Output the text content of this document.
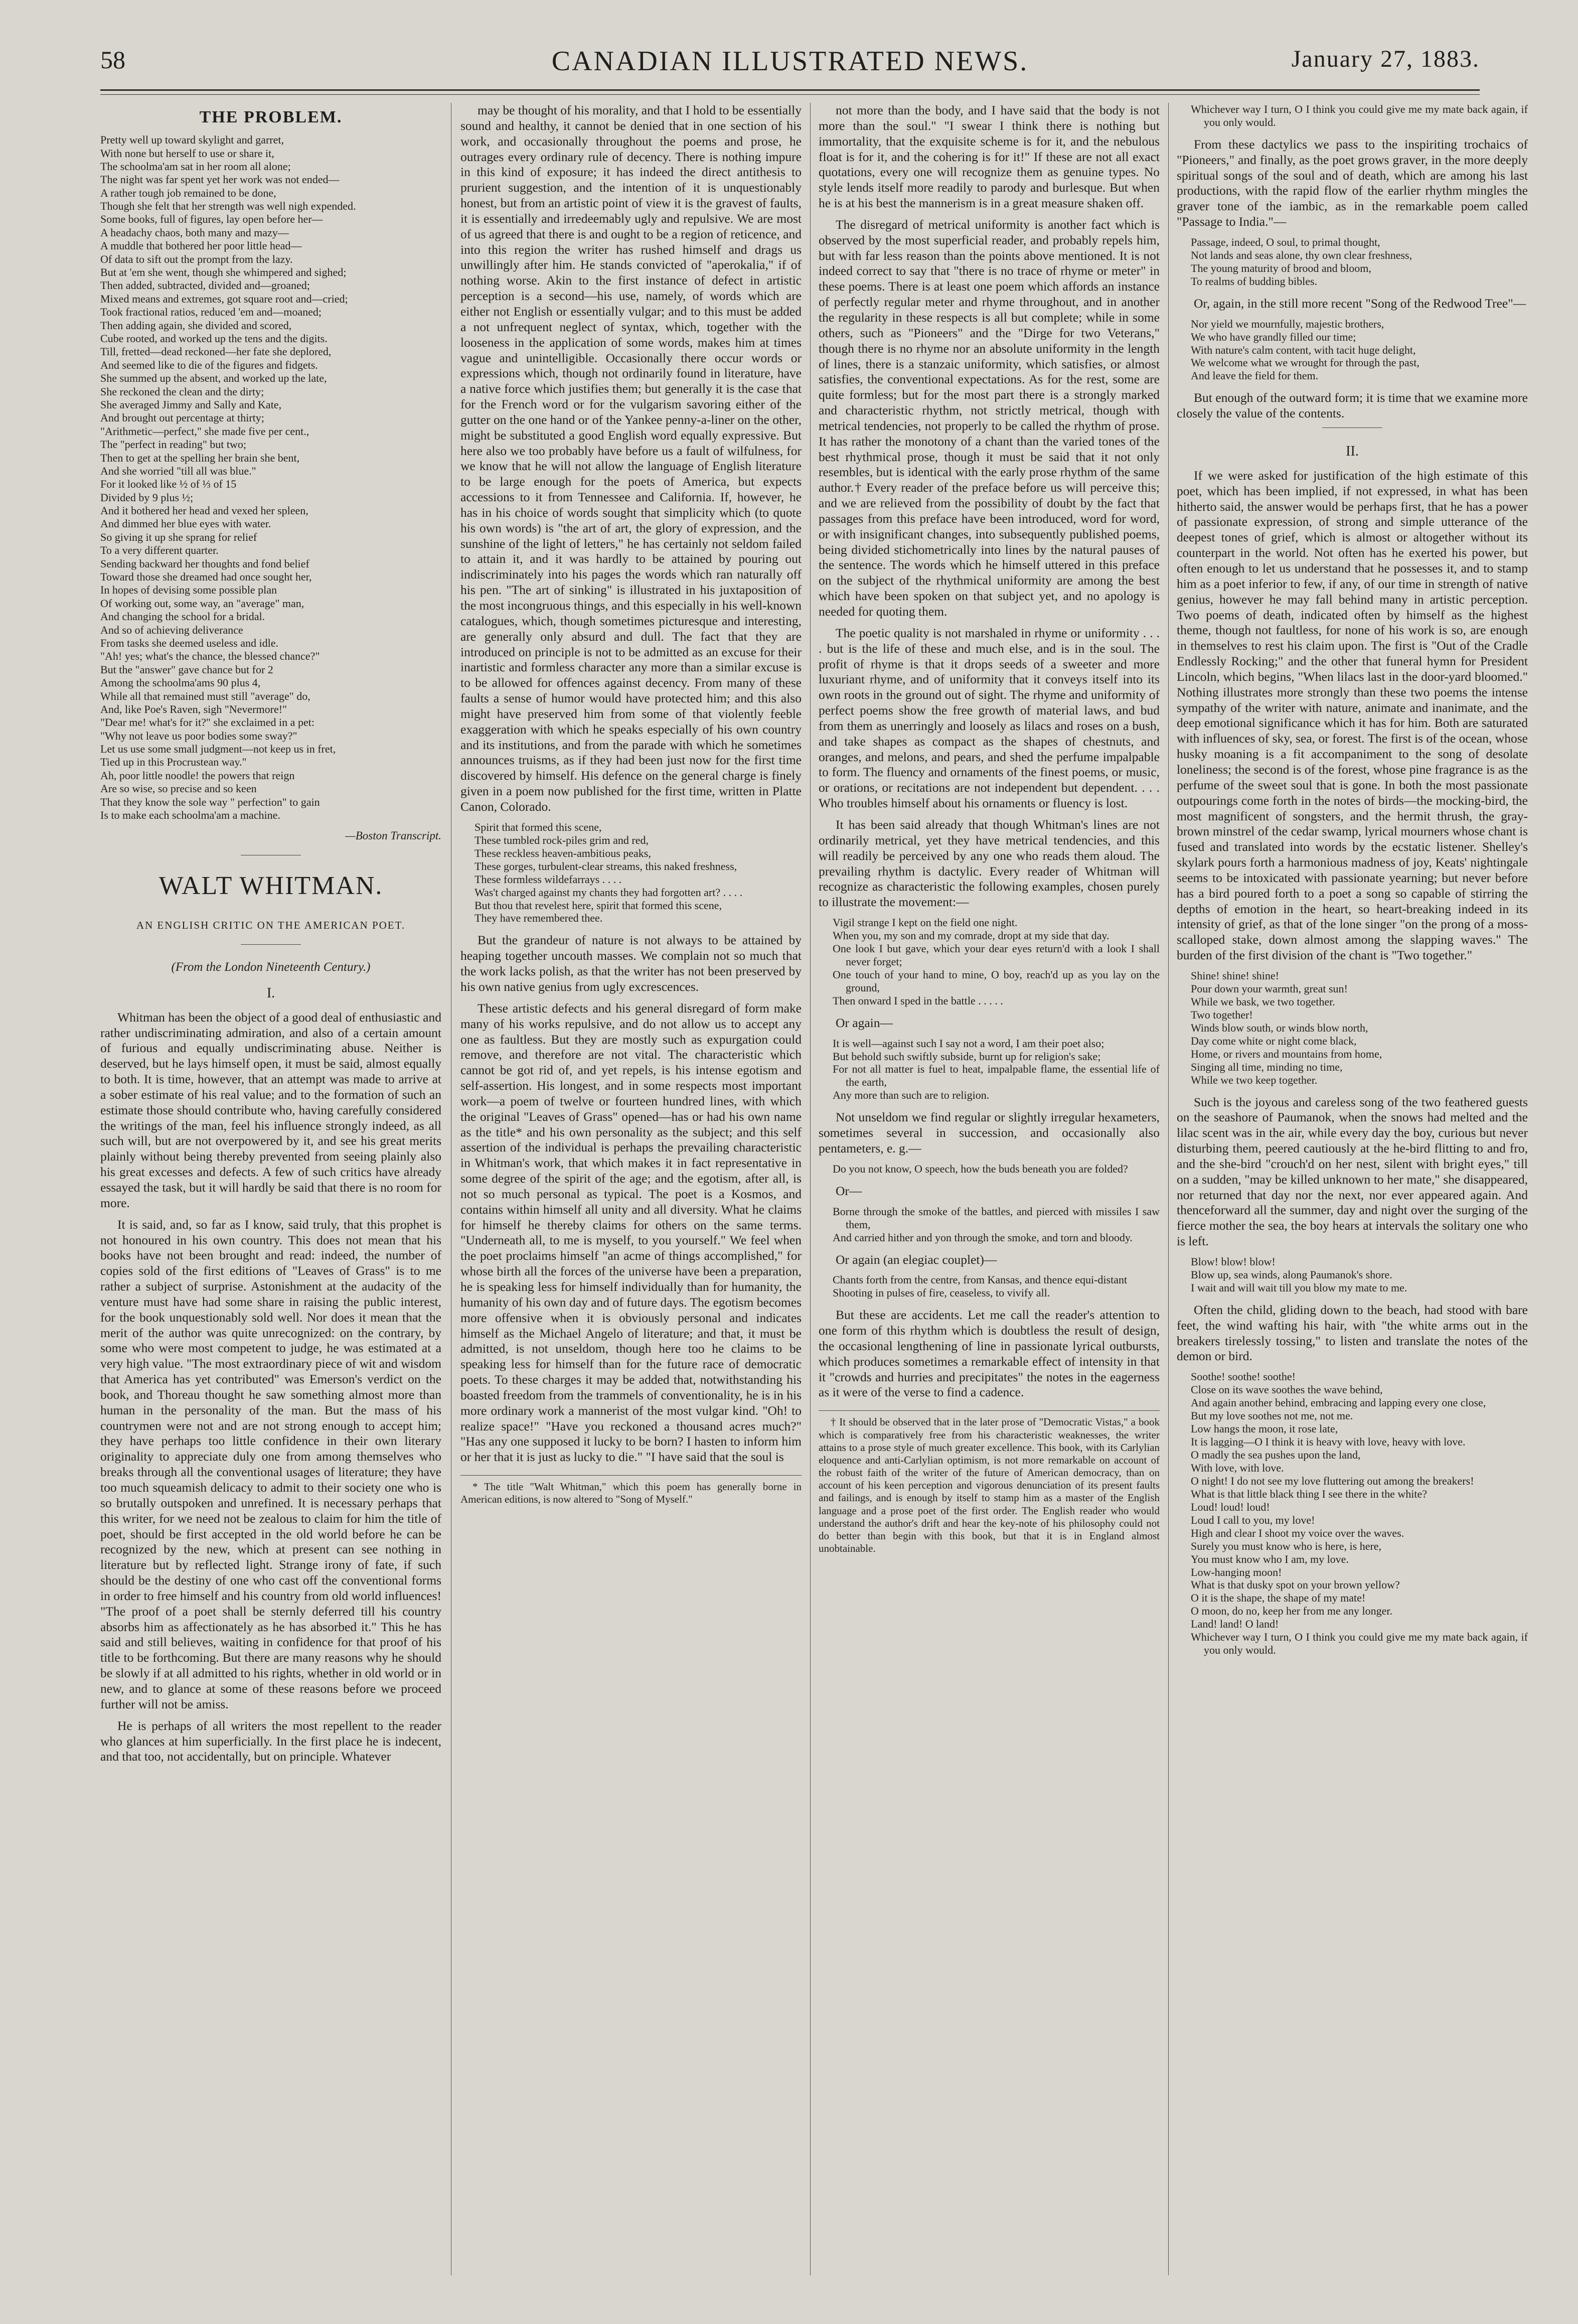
58	CANADIAN ILLUSTRATED NEWS.	January 27, 1883.
THE PROBLEM.
Pretty well up toward skylight and garret,
With none but herself to use or share it,
The schoolma'am sat in her room all alone;
The night was far spent yet her work was not ended—
A rather tough job remained to be done,
Though she felt that her strength was well nigh expended.
Some books, full of figures, lay open before her—
A headachy chaos, both many and mazy—
A muddle that bothered her poor little head—
Of data to sift out the prompt from the lazy.
But at 'em she went, though she whimpered and sighed;
Then added, subtracted, divided and—groaned;
Mixed means and extremes, got square root and—cried;
Took fractional ratios, reduced 'em and—moaned;
Then adding again, she divided and scored,
Cube rooted, and worked up the tens and the digits.
Till, fretted—dead reckoned—her fate she deplored,
And seemed like to die of the figures and fidgets.
She summed up the absent, and worked up the late,
She reckoned the clean and the dirty;
She averaged Jimmy and Sally and Kate,
And brought out percentage at thirty;
"Arithmetic—perfect," she made five per cent.,
The "perfect in reading" but two;
Then to get at the spelling her brain she bent,
And she worried "till all was blue."
For it looked like ½ of ⅓ of 15
Divided by 9 plus ½;
And it bothered her head and vexed her spleen,
And dimmed her blue eyes with water.
So giving it up she sprang for relief
To a very different quarter.
Sending backward her thoughts and fond belief
Toward those she dreamed had once sought her,
In hopes of devising some possible plan
Of working out, some way, an "average" man,
And changing the school for a bridal.
And so of achieving deliverance
From tasks she deemed useless and idle.
"Ah! yes; what's the chance, the blessed chance?"
But the "answer" gave chance but for 2
Among the schoolma'ams 90 plus 4,
While all that remained must still "average" do,
And, like Poe's Raven, sigh "Nevermore!"
"Dear me! what's for it?" she exclaimed in a pet:
"Why not leave us poor bodies some sway?"
Let us use some small judgment—not keep us in fret,
Tied up in this Procrustean way."
Ah, poor little noodle! the powers that reign
Are so wise, so precise and so keen
That they know the sole way " perfection" to gain
Is to make each schoolma'am a machine.
—Boston Transcript.
WALT WHITMAN.
AN ENGLISH CRITIC ON THE AMERICAN POET.
(From the London Nineteenth Century.)
I.

Whitman has been the object of a good deal of enthusiastic and rather undiscriminating admiration, and also of a certain amount of furious and equally undiscriminating abuse. Neither is deserved, but he lays himself open, it must be said, almost equally to both. It is time, however, that an attempt was made to arrive at a sober estimate of his real value; and to the formation of such an estimate those should contribute who, having carefully considered the writings of the man, feel his influence strongly indeed, as all such will, but are not overpowered by it, and see his great merits plainly without being thereby prevented from seeing plainly also his great excesses and defects. A few of such critics have already essayed the task, but it will hardly be said that there is no room for more.

It is said, and, so far as I know, said truly, that this prophet is not honoured in his own country. This does not mean that his books have not been brought and read: indeed, the number of copies sold of the first editions of "Leaves of Grass" is to me rather a subject of surprise. Astonishment at the audacity of the venture must have had some share in raising the public interest, for the book unquestionably sold well. Nor does it mean that the merit of the author was quite unrecognized: on the contrary, by some who were most competent to judge, he was estimated at a very high value. "The most extraordinary piece of wit and wisdom that America has yet contributed" was Emerson's verdict on the book, and Thoreau thought he saw something almost more than human in the personality of the man. But the mass of his countrymen were not and are not strong enough to accept him; they have perhaps too little confidence in their own literary originality to appreciate duly one from among themselves who breaks through all the conventional usages of literature; they have too much squeamish delicacy to admit to their society one who is so brutally outspoken and unrefined. It is necessary perhaps that this writer, for we need not be zealous to claim for him the title of poet, should be first accepted in the old world before he can be recognized by the new, which at present can see nothing in literature but by reflected light. Strange irony of fate, if such should be the destiny of one who cast off the conventional forms in order to free himself and his country from old world influences! "The proof of a poet shall be sternly deferred till his country absorbs him as affectionately as he has absorbed it." This he has said and still believes, waiting in confidence for that proof of his title to be forthcoming. But there are many reasons why he should be slowly if at all admitted to his rights, whether in old world or in new, and to glance at some of these reasons before we proceed further will not be amiss.

He is perhaps of all writers the most repellent to the reader who glances at him superficially. In the first place he is indecent, and that too, not accidentally, but on principle. Whatever

may be thought of his morality, and that I hold to be essentially sound and healthy, it cannot be denied that in one section of his work, and occasionally throughout the poems and prose, he outrages every ordinary rule of decency. There is nothing impure in this kind of exposure; it has indeed the direct antithesis to prurient suggestion, and the intention of it is unquestionably honest, but from an artistic point of view it is the gravest of faults, it is essentially and irredeemably ugly and repulsive. We are most of us agreed that there is and ought to be a region of reticence, and into this region the writer has rushed himself and drags us unwillingly after him. He stands convicted of "aperokalia," if of nothing worse. Akin to the first instance of defect in artistic perception is a second—his use, namely, of words which are either not English or essentially vulgar; and to this must be added a not unfrequent neglect of syntax, which, together with the looseness in the application of some words, makes him at times vague and unintelligible. Occasionally there occur words or expressions which, though not ordinarily found in literature, have a native force which justifies them; but generally it is the case that for the French word or for the vulgarism savoring either of the gutter on the one hand or of the Yankee penny-a-liner on the other, might be substituted a good English word equally expressive. But here also we too probably have before us a fault of wilfulness, for we know that he will not allow the language of English literature to be large enough for the poets of America, but expects accessions to it from Tennessee and California. If, however, he has in his choice of words sought that simplicity which (to quote his own words) is "the art of art, the glory of expression, and the sunshine of the light of letters," he has certainly not seldom failed to attain it, and it was hardly to be attained by pouring out indiscriminately into his pages the words which ran naturally off his pen. "The art of sinking" is illustrated in his juxtaposition of the most incongruous things, and this especially in his well-known catalogues, which, though sometimes picturesque and interesting, are generally only absurd and dull. The fact that they are introduced on principle is not to be admitted as an excuse for their inartistic and formless character any more than a similar excuse is to be allowed for offences against decency. From many of these faults a sense of humor would have protected him; and this also might have preserved him from some of that violently feeble exaggeration with which he speaks especially of his own country and its institutions, and from the parade with which he sometimes announces truisms, as if they had been just now for the first time discovered by himself. His defence on the general charge is finely given in a poem now published for the first time, written in Platte Canon, Colorado.

Spirit that formed this scene,
These tumbled rock-piles grim and red,
These reckless heaven-ambitious peaks,
These gorges, turbulent-clear streams, this naked freshness,
These formless wildefarrays . . . .
Was't charged against my chants they had forgotten art? . . . .
But thou that revelest here, spirit that formed this scene,
They have remembered thee.

But the grandeur of nature is not always to be attained by heaping together uncouth masses. We complain not so much that the work lacks polish, as that the writer has not been preserved by his own native genius from ugly excrescences.

These artistic defects and his general disregard of form make many of his works repulsive, and do not allow us to accept any one as faultless. But they are mostly such as expurgation could remove, and therefore are not vital. The characteristic which cannot be got rid of, and yet repels, is his intense egotism and self-assertion. His longest, and in some respects most important work—a poem of twelve or fourteen hundred lines, with which the original "Leaves of Grass" opened—has or had his own name as the title* and his own personality as the subject; and this self assertion of the individual is perhaps the prevailing characteristic in Whitman's work, that which makes it in fact representative in some degree of the spirit of the age; and the egotism, after all, is not so much personal as typical. The poet is a Kosmos, and contains within himself all unity and all diversity. What he claims for himself he thereby claims for others on the same terms. "Underneath all, to me is myself, to you yourself." We feel when the poet proclaims himself "an acme of things accomplished," for whose birth all the forces of the universe have been a preparation, he is speaking less for himself individually than for humanity, the humanity of his own day and of future days. The egotism becomes more offensive when it is obviously personal and indicates himself as the Michael Angelo of literature; and that, it must be admitted, is not unseldom, though here too he claims to be speaking less for himself than for the future race of democratic poets. To these charges it may be added that, notwithstanding his boasted freedom from the trammels of conventionality, he is in his more ordinary work a mannerist of the most vulgar kind. "Oh! to realize space!" "Have you reckoned a thousand acres much?" "Has any one supposed it lucky to be born? I hasten to inform him or her that it is just as lucky to die." "I have said that the soul is

* The title "Walt Whitman," which this poem has generally borne in American editions, is now altered to "Song of Myself."

not more than the body, and I have said that the body is not more than the soul." "I swear I think there is nothing but immortality, that the exquisite scheme is for it, and the nebulous float is for it, and the cohering is for it!" If these are not all exact quotations, every one will recognize them as genuine types. No style lends itself more readily to parody and burlesque. But when he is at his best the mannerism is in a great measure shaken off.

The disregard of metrical uniformity is another fact which is observed by the most superficial reader, and probably repels him, but with far less reason than the points above mentioned. It is not indeed correct to say that "there is no trace of rhyme or meter" in these poems. There is at least one poem which affords an instance of perfectly regular meter and rhyme throughout, and in another the regularity in these respects is all but complete; while in some others, such as "Pioneers" and the "Dirge for two Veterans," though there is no rhyme nor an absolute uniformity in the length of lines, there is a stanzaic uniformity, which satisfies, or almost satisfies, the conventional expectations. As for the rest, some are quite formless; but for the most part there is a strongly marked and characteristic rhythm, not strictly metrical, though with metrical tendencies, not properly to be called the rhythm of prose. It has rather the monotony of a chant than the varied tones of the best rhythmical prose, though it must be said that it not only resembles, but is identical with the early prose rhythm of the same author.† Every reader of the preface before us will perceive this; and we are relieved from the possibility of doubt by the fact that passages from this preface have been introduced, word for word, or with insignificant changes, into subsequently published poems, being divided stichometrically into lines by the natural pauses of the sentence. The words which he himself uttered in this preface on the subject of the rhythmical uniformity are among the best which have been spoken on that subject yet, and no apology is needed for quoting them.

The poetic quality is not marshaled in rhyme or uniformity . . . . but is the life of these and much else, and is in the soul. The profit of rhyme is that it drops seeds of a sweeter and more luxuriant rhyme, and of uniformity that it conveys itself into its own roots in the ground out of sight. The rhyme and uniformity of perfect poems show the free growth of material laws, and bud from them as unerringly and loosely as lilacs and roses on a bush, and take shapes as compact as the shapes of chestnuts, and oranges, and melons, and pears, and shed the perfume impalpable to form. The fluency and ornaments of the finest poems, or music, or orations, or recitations are not independent but dependent. . . . Who troubles himself about his ornaments or fluency is lost.

It has been said already that though Whitman's lines are not ordinarily metrical, yet they have metrical tendencies, and this will readily be perceived by any one who reads them aloud. The prevailing rhythm is dactylic. Every reader of Whitman will recognize as characteristic the following examples, chosen purely to illustrate the movement:—

Vigil strange I kept on the field one night.
When you, my son and my comrade, dropt at my side that day.
One look I but gave, which your dear eyes return'd with a look I shall never forget;
One touch of your hand to mine, O boy, reach'd up as you lay on the ground,
Then onward I sped in the battle . . . . .

Or again—

It is well—against such I say not a word, I am their poet also;
But behold such swiftly subside, burnt up for religion's sake;
For not all matter is fuel to heat, impalpable flame, the essential life of the earth,
Any more than such are to religion.

Not unseldom we find regular or slightly irregular hexameters, sometimes several in succession, and occasionally also pentameters, e. g.—

Do you not know, O speech, how the buds beneath you are folded?

Or—

Borne through the smoke of the battles, and pierced with missiles I saw them,
And carried hither and yon through the smoke, and torn and bloody.

Or again (an elegiac couplet)—

Chants forth from the centre, from Kansas, and thence equi-distant
Shooting in pulses of fire, ceaseless, to vivify all.

But these are accidents. Let me call the reader's attention to one form of this rhythm which is doubtless the result of design, the occasional lengthening of line in passionate lyrical outbursts, which produces sometimes a remarkable effect of intensity in that it "crowds and hurries and precipitates" the notes in the eagerness as it were of the verse to find a cadence.

† It should be observed that in the later prose of "Democratic Vistas," a book which is comparatively free from his characteristic weaknesses, the writer attains to a prose style of much greater excellence. This book, with its Carlylian eloquence and anti-Carlylian optimism, is not more remarkable on account of the robust faith of the writer of the future of American democracy, than on account of his keen perception and vigorous denunciation of its present faults and failings, and is enough by itself to stamp him as a master of the English language and a prose poet of the first order. The English reader who would understand the author's drift and hear the key-note of his philosophy could not do better than begin with this book, but that it is in England almost unobtainable.

Whichever way I turn, O I think you could give me my mate back again, if you only would.

From these dactylics we pass to the inspiriting trochaics of "Pioneers," and finally, as the poet grows graver, in the more deeply spiritual songs of the soul and of death, which are among his last productions, with the rapid flow of the earlier rhythm mingles the graver tone of the iambic, as in the remarkable poem called "Passage to India."—

Passage, indeed, O soul, to primal thought,
Not lands and seas alone, thy own clear freshness,
The young maturity of brood and bloom,
To realms of budding bibles.

Or, again, in the still more recent "Song of the Redwood Tree"—

Nor yield we mournfully, majestic brothers,
We who have grandly filled our time;
With nature's calm content, with tacit huge delight,
We welcome what we wrought for through the past,
And leave the field for them.

But enough of the outward form; it is time that we examine more closely the value of the contents.

II.

If we were asked for justification of the high estimate of this poet, which has been implied, if not expressed, in what has been hitherto said, the answer would be perhaps first, that he has a power of passionate expression, of strong and simple utterance of the deepest tones of grief, which is almost or altogether without its counterpart in the world. Not often has he exerted his power, but often enough to let us understand that he possesses it, and to stamp him as a poet inferior to few, if any, of our time in strength of native genius, however he may fall behind many in artistic perception. Two poems of death, indicated often by himself as the highest theme, though not faultless, for none of his work is so, are enough in themselves to rest his claim upon. The first is "Out of the Cradle Endlessly Rocking;" and the other that funeral hymn for President Lincoln, which begins, "When lilacs last in the door-yard bloomed." Nothing illustrates more strongly than these two poems the intense sympathy of the writer with nature, animate and inanimate, and the deep emotional significance which it has for him. Both are saturated with influences of sky, sea, or forest. The first is of the ocean, whose husky moaning is a fit accompaniment to the song of desolate loneliness; the second is of the forest, whose pine fragrance is as the perfume of the sweet soul that is gone. In both the most passionate outpourings come forth in the notes of birds—the mocking-bird, the most magnificent of songsters, and the hermit thrush, the gray-brown minstrel of the cedar swamp, lyrical mourners whose chant is fused and translated into words by the ecstatic listener. Shelley's skylark pours forth a harmonious madness of joy, Keats' nightingale seems to be intoxicated with passionate yearning; but never before has a bird poured forth to a poet a song so capable of stirring the depths of emotion in the heart, so heart-breaking indeed in its intensity of grief, as that of the lone singer "on the prong of a moss-scalloped stake, down almost among the slapping waves." The burden of the first division of the chant is "Two together."

Shine! shine! shine!
Pour down your warmth, great sun!
While we bask, we two together.
Two together!
Winds blow south, or winds blow north,
Day come white or night come black,
Home, or rivers and mountains from home,
Singing all time, minding no time,
While we two keep together.

Such is the joyous and careless song of the two feathered guests on the seashore of Paumanok, when the snows had melted and the lilac scent was in the air, while every day the boy, curious but never disturbing them, peered cautiously at the he-bird flitting to and fro, and the she-bird "crouch'd on her nest, silent with bright eyes," till on a sudden, "may be killed unknown to her mate," she disappeared, nor returned that day nor the next, nor ever appeared again. And thenceforward all the summer, day and night over the surging of the fierce mother the sea, the boy hears at intervals the solitary one who is left.

Blow! blow! blow!
Blow up, sea winds, along Paumanok's shore.
I wait and will wait till you blow my mate to me.

Often the child, gliding down to the beach, had stood with bare feet, the wind wafting his hair, with "the white arms out in the breakers tirelessly tossing," to listen and translate the notes of the demon or bird.

Soothe! soothe! soothe!
Close on its wave soothes the wave behind,
And again another behind, embracing and lapping every one close,
But my love soothes not me, not me.
Low hangs the moon, it rose late,
It is lagging—O I think it is heavy with love, heavy with love.
O madly the sea pushes upon the land,
With love, with love.
O night! I do not see my love fluttering out among the breakers!
What is that little black thing I see there in the white?
Loud! loud! loud!
Loud I call to you, my love!
High and clear I shoot my voice over the waves.
Surely you must know who is here, is here,
You must know who I am, my love.
Low-hanging moon!
What is that dusky spot on your brown yellow?
O it is the shape, the shape of my mate!
O moon, do no, keep her from me any longer.
Land! land! O land!
Whichever way I turn, O I think you could give me my mate back again, if you only would.
